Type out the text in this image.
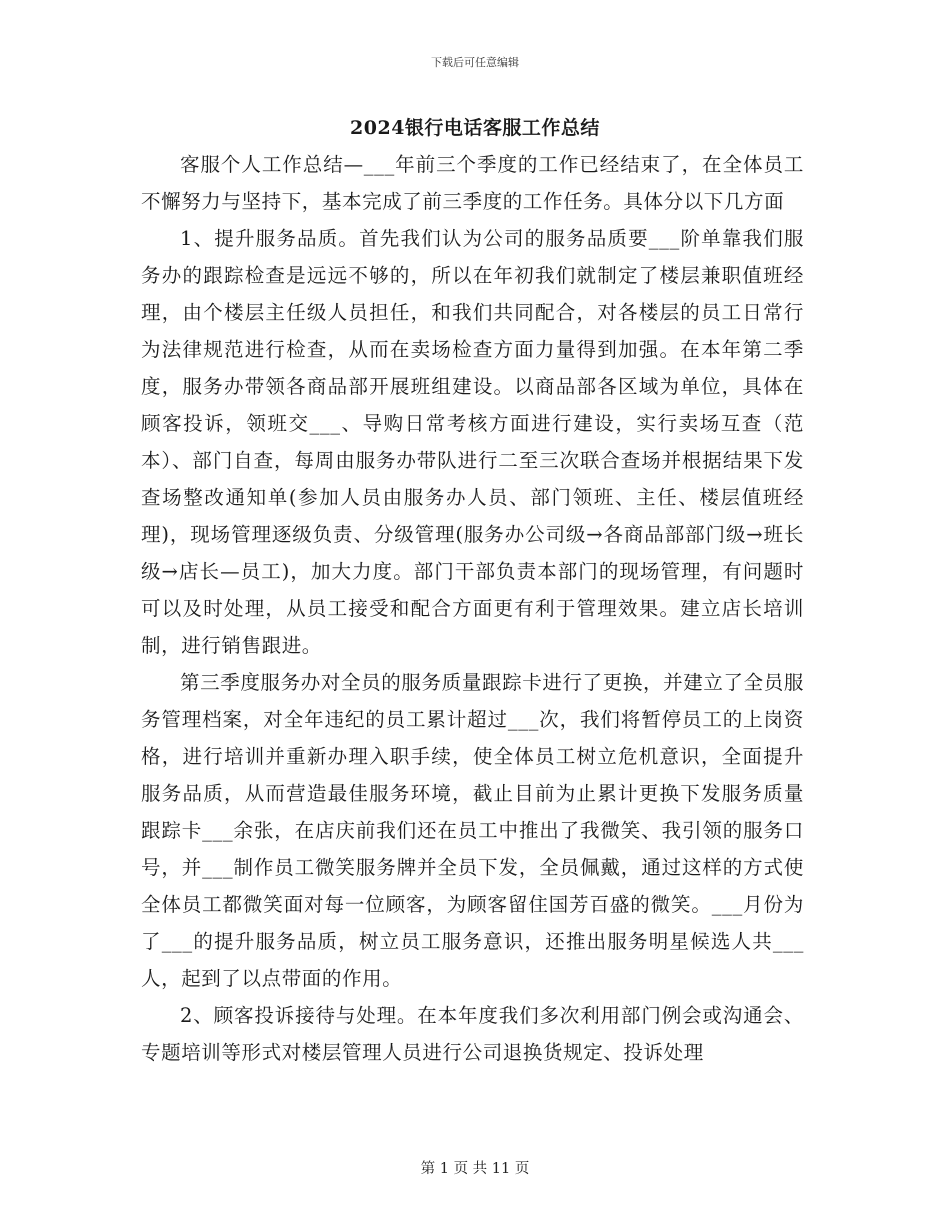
下载后可任意编辑
2024银行电话客服工作总结

客服个人工作总结—___年前三个季度的工作已经结束了，在全体员工不懈努力与坚持下，基本完成了前三季度的工作任务。具体分以下几方面

1、提升服务品质。首先我们认为公司的服务品质要___阶单靠我们服务办的跟踪检查是远远不够的，所以在年初我们就制定了楼层兼职值班经理，由个楼层主任级人员担任，和我们共同配合，对各楼层的员工日常行为法律规范进行检查，从而在卖场检查方面力量得到加强。在本年第二季度，服务办带领各商品部开展班组建设。以商品部各区域为单位，具体在顾客投诉，领班交___、导购日常考核方面进行建设，实行卖场互查（范本）、部门自查，每周由服务办带队进行二至三次联合查场并根据结果下发查场整改通知单(参加人员由服务办人员、部门领班、主任、楼层值班经理)，现场管理逐级负责、分级管理(服务办公司级→各商品部部门级→班长级→店长—员工)，加大力度。部门干部负责本部门的现场管理，有问题时可以及时处理，从员工接受和配合方面更有利于管理效果。建立店长培训制，进行销售跟进。

第三季度服务办对全员的服务质量跟踪卡进行了更换，并建立了全员服务管理档案，对全年违纪的员工累计超过___次，我们将暂停员工的上岗资格，进行培训并重新办理入职手续，使全体员工树立危机意识，全面提升服务品质，从而营造最佳服务环境，截止目前为止累计更换下发服务质量跟踪卡___余张，在店庆前我们还在员工中推出了我微笑、我引领的服务口号，并___制作员工微笑服务牌并全员下发，全员佩戴，通过这样的方式使全体员工都微笑面对每一位顾客，为顾客留住国芳百盛的微笑。___月份为了___的提升服务品质，树立员工服务意识，还推出服务明星候选人共___人，起到了以点带面的作用。

2、顾客投诉接待与处理。在本年度我们多次利用部门例会或沟通会、专题培训等形式对楼层管理人员进行公司退换货规定、投诉处理

第 1 页 共 11 页
